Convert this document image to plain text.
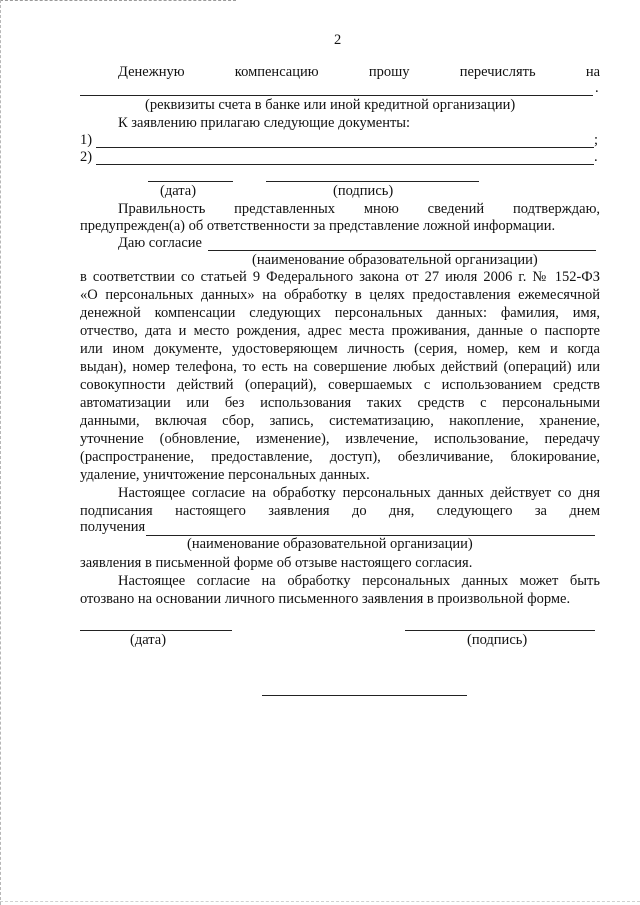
2
Денежную	компенсацию	прошу	перечислять	на
.
(реквизиты счета в банке или иной кредитной организации)
К заявлению прилагаю следующие документы:
1)	;
2)	.
(дата)	(подпись)
Правильность представленных мною сведений подтверждаю,
предупрежден(а) об ответственности за представление ложной информации.
Даю согласие
(наименование образовательной организации)
в соответствии со статьей 9 Федерального закона от 27 июля 2006 г. № 152-ФЗ
«О персональных данных» на обработку в целях предоставления ежемесячной
денежной компенсации следующих персональных данных: фамилия, имя,
отчество, дата и место рождения, адрес места проживания, данные о паспорте
или ином документе, удостоверяющем личность (серия, номер, кем и когда
выдан), номер телефона, то есть на совершение любых действий (операций) или
совокупности действий (операций), совершаемых с использованием средств
автоматизации или без использования таких средств с персональными
данными, включая сбор, запись, систематизацию, накопление, хранение,
уточнение (обновление, изменение), извлечение, использование, передачу
(распространение, предоставление, доступ), обезличивание, блокирование,
удаление, уничтожение персональных данных.
Настоящее согласие на обработку персональных данных действует со дня
подписания настоящего заявления до дня, следующего за днем
получения
(наименование образовательной организации)
заявления в письменной форме об отзыве настоящего согласия.
Настоящее согласие на обработку персональных данных может быть
отозвано на основании личного письменного заявления в произвольной форме.
(дата)	(подпись)
